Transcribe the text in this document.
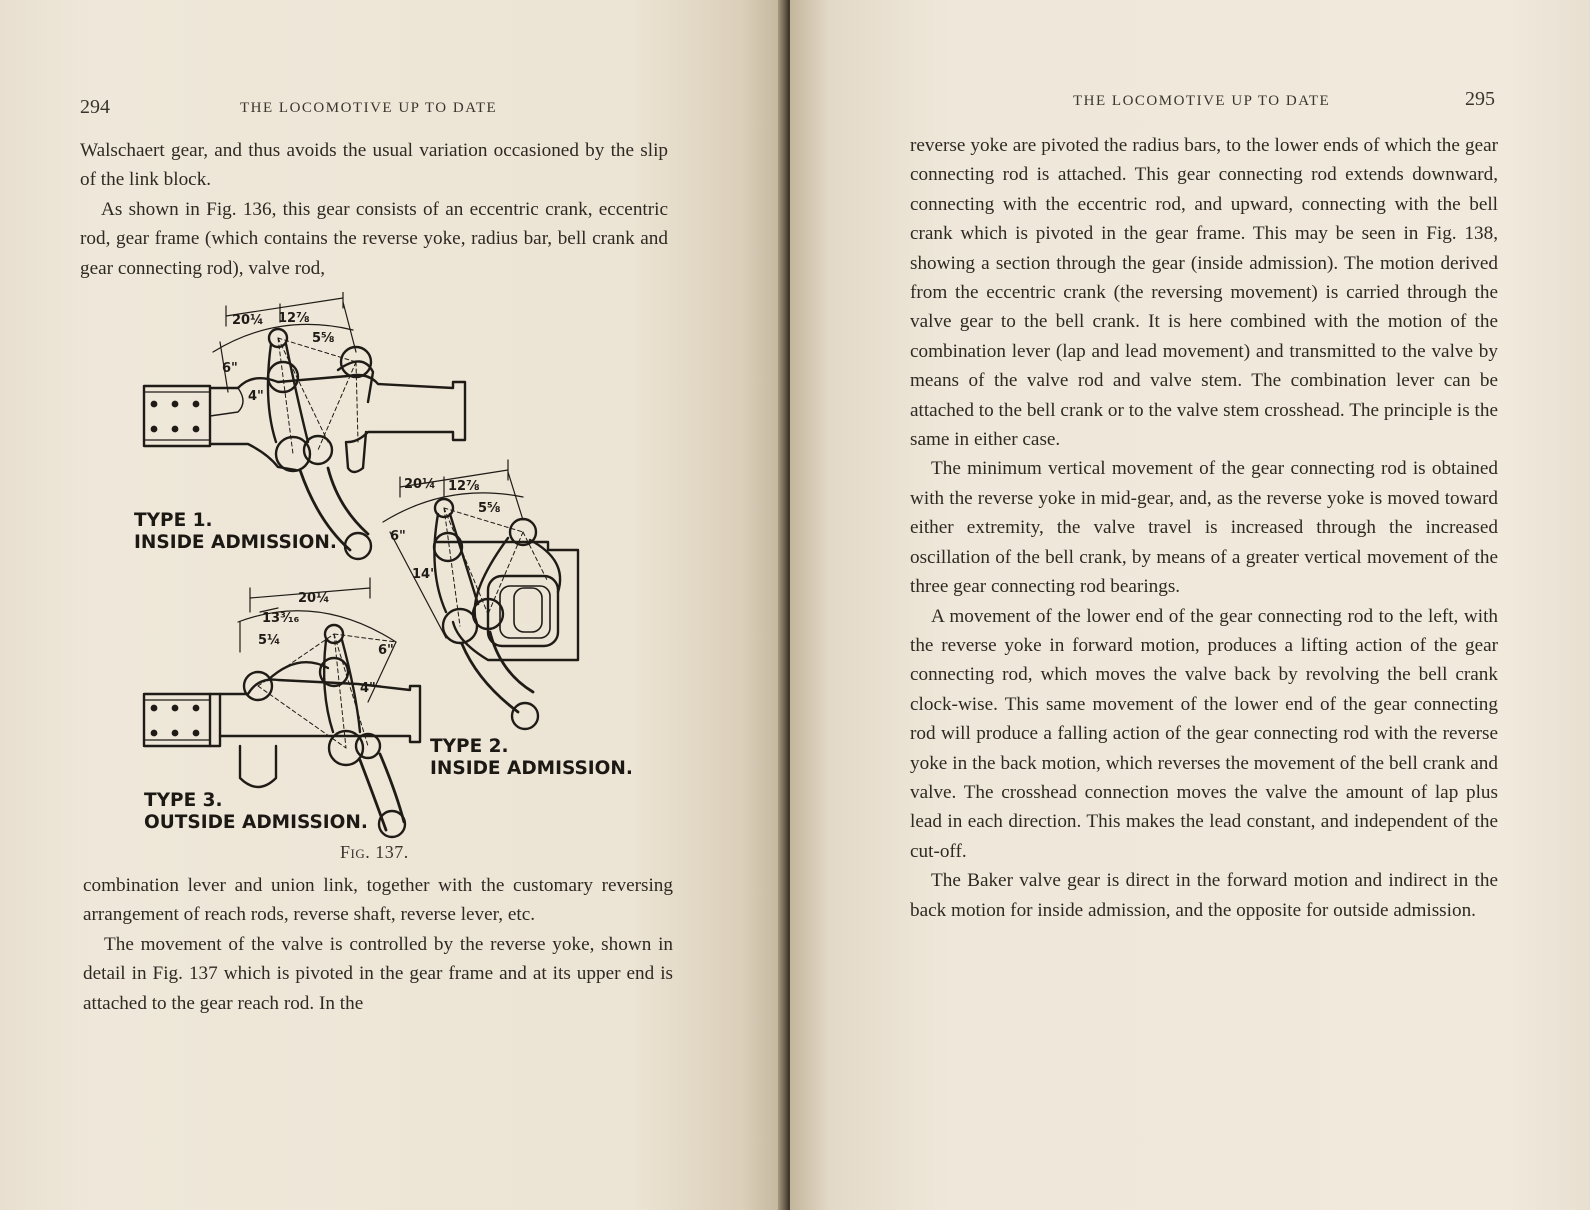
294	THE LOCOMOTIVE UP TO DATE

Walschaert gear, and thus avoids the usual variation occasioned by the slip of the link block.

As shown in Fig. 136, this gear consists of an eccentric crank, eccentric rod, gear frame (which contains the reverse yoke, radius bar, bell crank and gear connecting rod), valve rod,

20¼ 12⅞
5⅝
6"
4"
20¼ 12⅞
5⅝
6"
14"
20¼
13³⁄₁₆
5¼
6"
4"
TYPE 1.
INSIDE ADMISSION.
TYPE 2.
INSIDE ADMISSION.
TYPE 3.
OUTSIDE ADMISSION.
Fig. 137.

combination lever and union link, together with the customary reversing arrangement of reach rods, reverse shaft, reverse lever, etc.

The movement of the valve is controlled by the reverse yoke, shown in detail in Fig. 137 which is pivoted in the gear frame and at its upper end is attached to the gear reach rod. In the

THE LOCOMOTIVE UP TO DATE	295

reverse yoke are pivoted the radius bars, to the lower ends of which the gear connecting rod is attached. This gear connecting rod extends downward, connecting with the eccentric rod, and upward, connecting with the bell crank which is pivoted in the gear frame. This may be seen in Fig. 138, showing a section through the gear (inside admission). The motion derived from the eccentric crank (the reversing movement) is carried through the valve gear to the bell crank. It is here combined with the motion of the combination lever (lap and lead movement) and transmitted to the valve by means of the valve rod and valve stem. The combination lever can be attached to the bell crank or to the valve stem crosshead. The principle is the same in either case.

The minimum vertical movement of the gear connecting rod is obtained with the reverse yoke in mid-gear, and, as the reverse yoke is moved toward either extremity, the valve travel is increased through the increased oscillation of the bell crank, by means of a greater vertical movement of the three gear connecting rod bearings.

A movement of the lower end of the gear connecting rod to the left, with the reverse yoke in forward motion, produces a lifting action of the gear connecting rod, which moves the valve back by revolving the bell crank clock-wise. This same movement of the lower end of the gear connecting rod will produce a falling action of the gear connecting rod with the reverse yoke in the back motion, which reverses the movement of the bell crank and valve. The crosshead connection moves the valve the amount of lap plus lead in each direction. This makes the lead constant, and independent of the cut-off.

The Baker valve gear is direct in the forward motion and indirect in the back motion for inside admission, and the opposite for outside admission.
